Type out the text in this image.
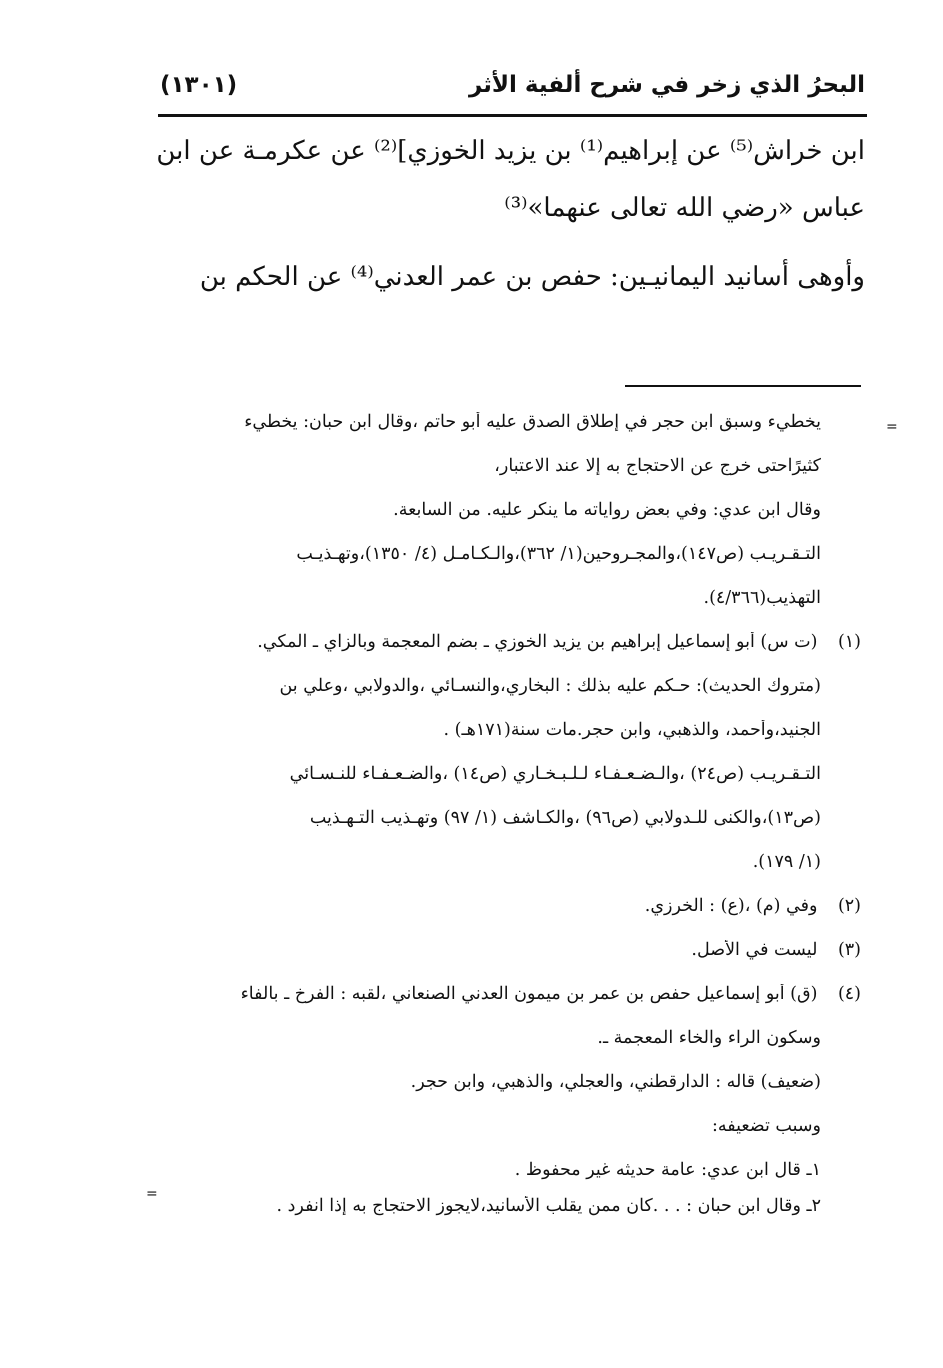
البحرُ الذي زخر في شرح ألفية الأثر
(١٣٠١)
ابن خراش⁽⁵⁾ عن إبراهيم⁽¹⁾ بن يزيد الخوزي]⁽²⁾ عن عكرمـة عن ابن
عباس «رضي الله تعالى عنهما»⁽³⁾
وأوهى أسانيد اليمانيـين: حفص بن عمر العدني⁽⁴⁾ عن الحكم بن
=
يخطيء وسبق ابن حجر في إطلاق الصدق عليه أبو حاتم ،وقال ابن حبان: يخطيء
كثيرًاحتى خرج عن الاحتجاج به إلا عند الاعتبار،
وقال ابن عدي: وفي بعض رواياته ما ينكر عليه. من السابعة.
التـقـريـب (ص١٤٧)،والمجـروحين(١/ ٣٦٢)،والـكـامـل (٤/ ١٣٥٠)،وتهـذيـب
التهذيب(٤/٣٦٦).
(١) (ت س) أبو إسماعيل إبراهيم بن يزيد الخوزي ـ بضم المعجمة وبالزاي ـ المكي.
(متروك الحديث): حـكم عليه بذلك : البخاري،والنسـائي ،والدولابي ،وعلي بن
الجنيد،وأحمد، والذهبي، وابن حجر.مات سنة(١٧١هـ) .
التـقـريـب (ص٢٤) ،والـضـعـفـاء لـلـبـخـاري (ص١٤) ،والضـعـفـاء للنـسـائي
(ص١٣)،والكنى للـدولابي (ص٩٦) ،والكـاشف (١/ ٩٧) وتهـذيب التـهـذيب
(١/ ١٧٩).
(٢) وفي (م) ،(ع) : الخرزي.
(٣) ليست في الأصل.
(٤) (ق) أبو إسماعيل حفص بن عمر بن ميمون العدني الصنعاني ،لقبه : الفرخ ـ بالفاء
وسكون الراء والخاء المعجمة ـ.
(ضعيف) قاله : الدارقطني، والعجلي، والذهبي، وابن حجر.
وسبب تضعيفه:
١ـ قال ابن عدي: عامة حديثه غير محفوظ .
٢ـ وقال ابن حبان : . . .كان ممن يقلب الأسانيد،لايجوز الاحتجاج به إذا انفرد .
=
